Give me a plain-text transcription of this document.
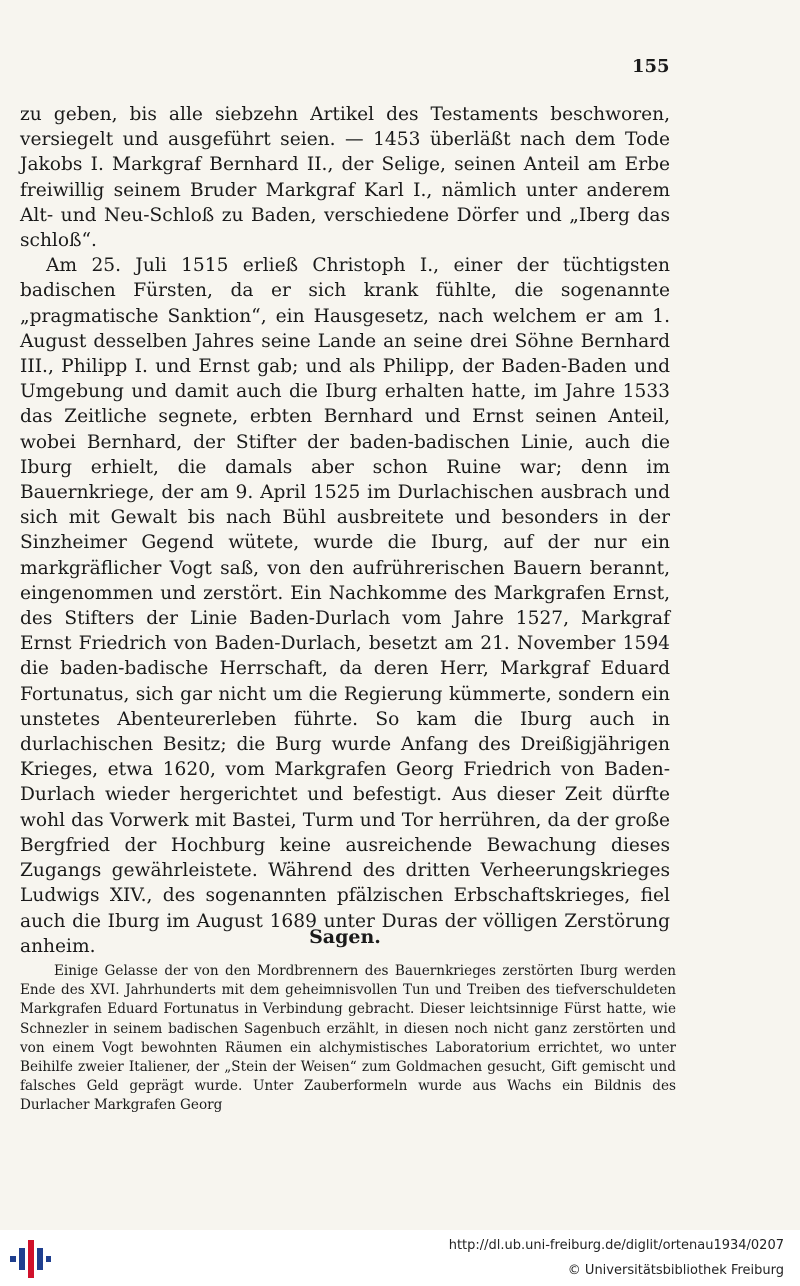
155

zu geben, bis alle siebzehn Artikel des Testaments beschworen, versiegelt und ausgeführt seien. — 1453 überläßt nach dem Tode Jakobs I. Markgraf Bernhard II., der Selige, seinen Anteil am Erbe freiwillig seinem Bruder Markgraf Karl I., nämlich unter anderem Alt- und Neu-Schloß zu Baden, verschiedene Dörfer und „Iberg das schloß“.

Am 25. Juli 1515 erließ Christoph I., einer der tüchtigsten badischen Fürsten, da er sich krank fühlte, die sogenannte „pragmatische Sanktion“, ein Hausgesetz, nach welchem er am 1. August desselben Jahres seine Lande an seine drei Söhne Bernhard III., Philipp I. und Ernst gab; und als Philipp, der Baden-Baden und Umgebung und damit auch die Iburg erhalten hatte, im Jahre 1533 das Zeitliche segnete, erbten Bernhard und Ernst seinen Anteil, wobei Bernhard, der Stifter der baden-badischen Linie, auch die Iburg erhielt, die damals aber schon Ruine war; denn im Bauernkriege, der am 9. April 1525 im Durlachischen ausbrach und sich mit Gewalt bis nach Bühl ausbreitete und besonders in der Sinzheimer Gegend wütete, wurde die Iburg, auf der nur ein markgräflicher Vogt saß, von den aufrührerischen Bauern berannt, eingenommen und zerstört. Ein Nachkomme des Markgrafen Ernst, des Stifters der Linie Baden-Durlach vom Jahre 1527, Markgraf Ernst Friedrich von Baden-Durlach, besetzt am 21. November 1594 die baden-badische Herrschaft, da deren Herr, Markgraf Eduard Fortunatus, sich gar nicht um die Regierung kümmerte, sondern ein unstetes Abenteurerleben führte. So kam die Iburg auch in durlachischen Besitz; die Burg wurde Anfang des Dreißigjährigen Krieges, etwa 1620, vom Markgrafen Georg Friedrich von Baden-Durlach wieder hergerichtet und befestigt. Aus dieser Zeit dürfte wohl das Vorwerk mit Bastei, Turm und Tor herrühren, da der große Bergfried der Hochburg keine ausreichende Bewachung dieses Zugangs gewährleistete. Während des dritten Verheerungskrieges Ludwigs XIV., des sogenannten pfälzischen Erbschaftskrieges, fiel auch die Iburg im August 1689 unter Duras der völligen Zerstörung anheim.	Sagen.

Einige Gelasse der von den Mordbrennern des Bauernkrieges zerstörten Iburg werden Ende des XVI. Jahrhunderts mit dem geheimnisvollen Tun und Treiben des tiefverschuldeten Markgrafen Eduard Fortunatus in Verbindung gebracht. Dieser leichtsinnige Fürst hatte, wie Schnezler in seinem badischen Sagenbuch erzählt, in diesen noch nicht ganz zerstörten und von einem Vogt bewohnten Räumen ein alchymistisches Laboratorium errichtet, wo unter Beihilfe zweier Italiener, der „Stein der Weisen“ zum Goldmachen gesucht, Gift gemischt und falsches Geld geprägt wurde. Unter Zauberformeln wurde aus Wachs ein Bildnis des Durlacher Markgrafen Georg

http://dl.ub.uni-freiburg.de/diglit/ortenau1934/0207
© Universitätsbibliothek Freiburg
